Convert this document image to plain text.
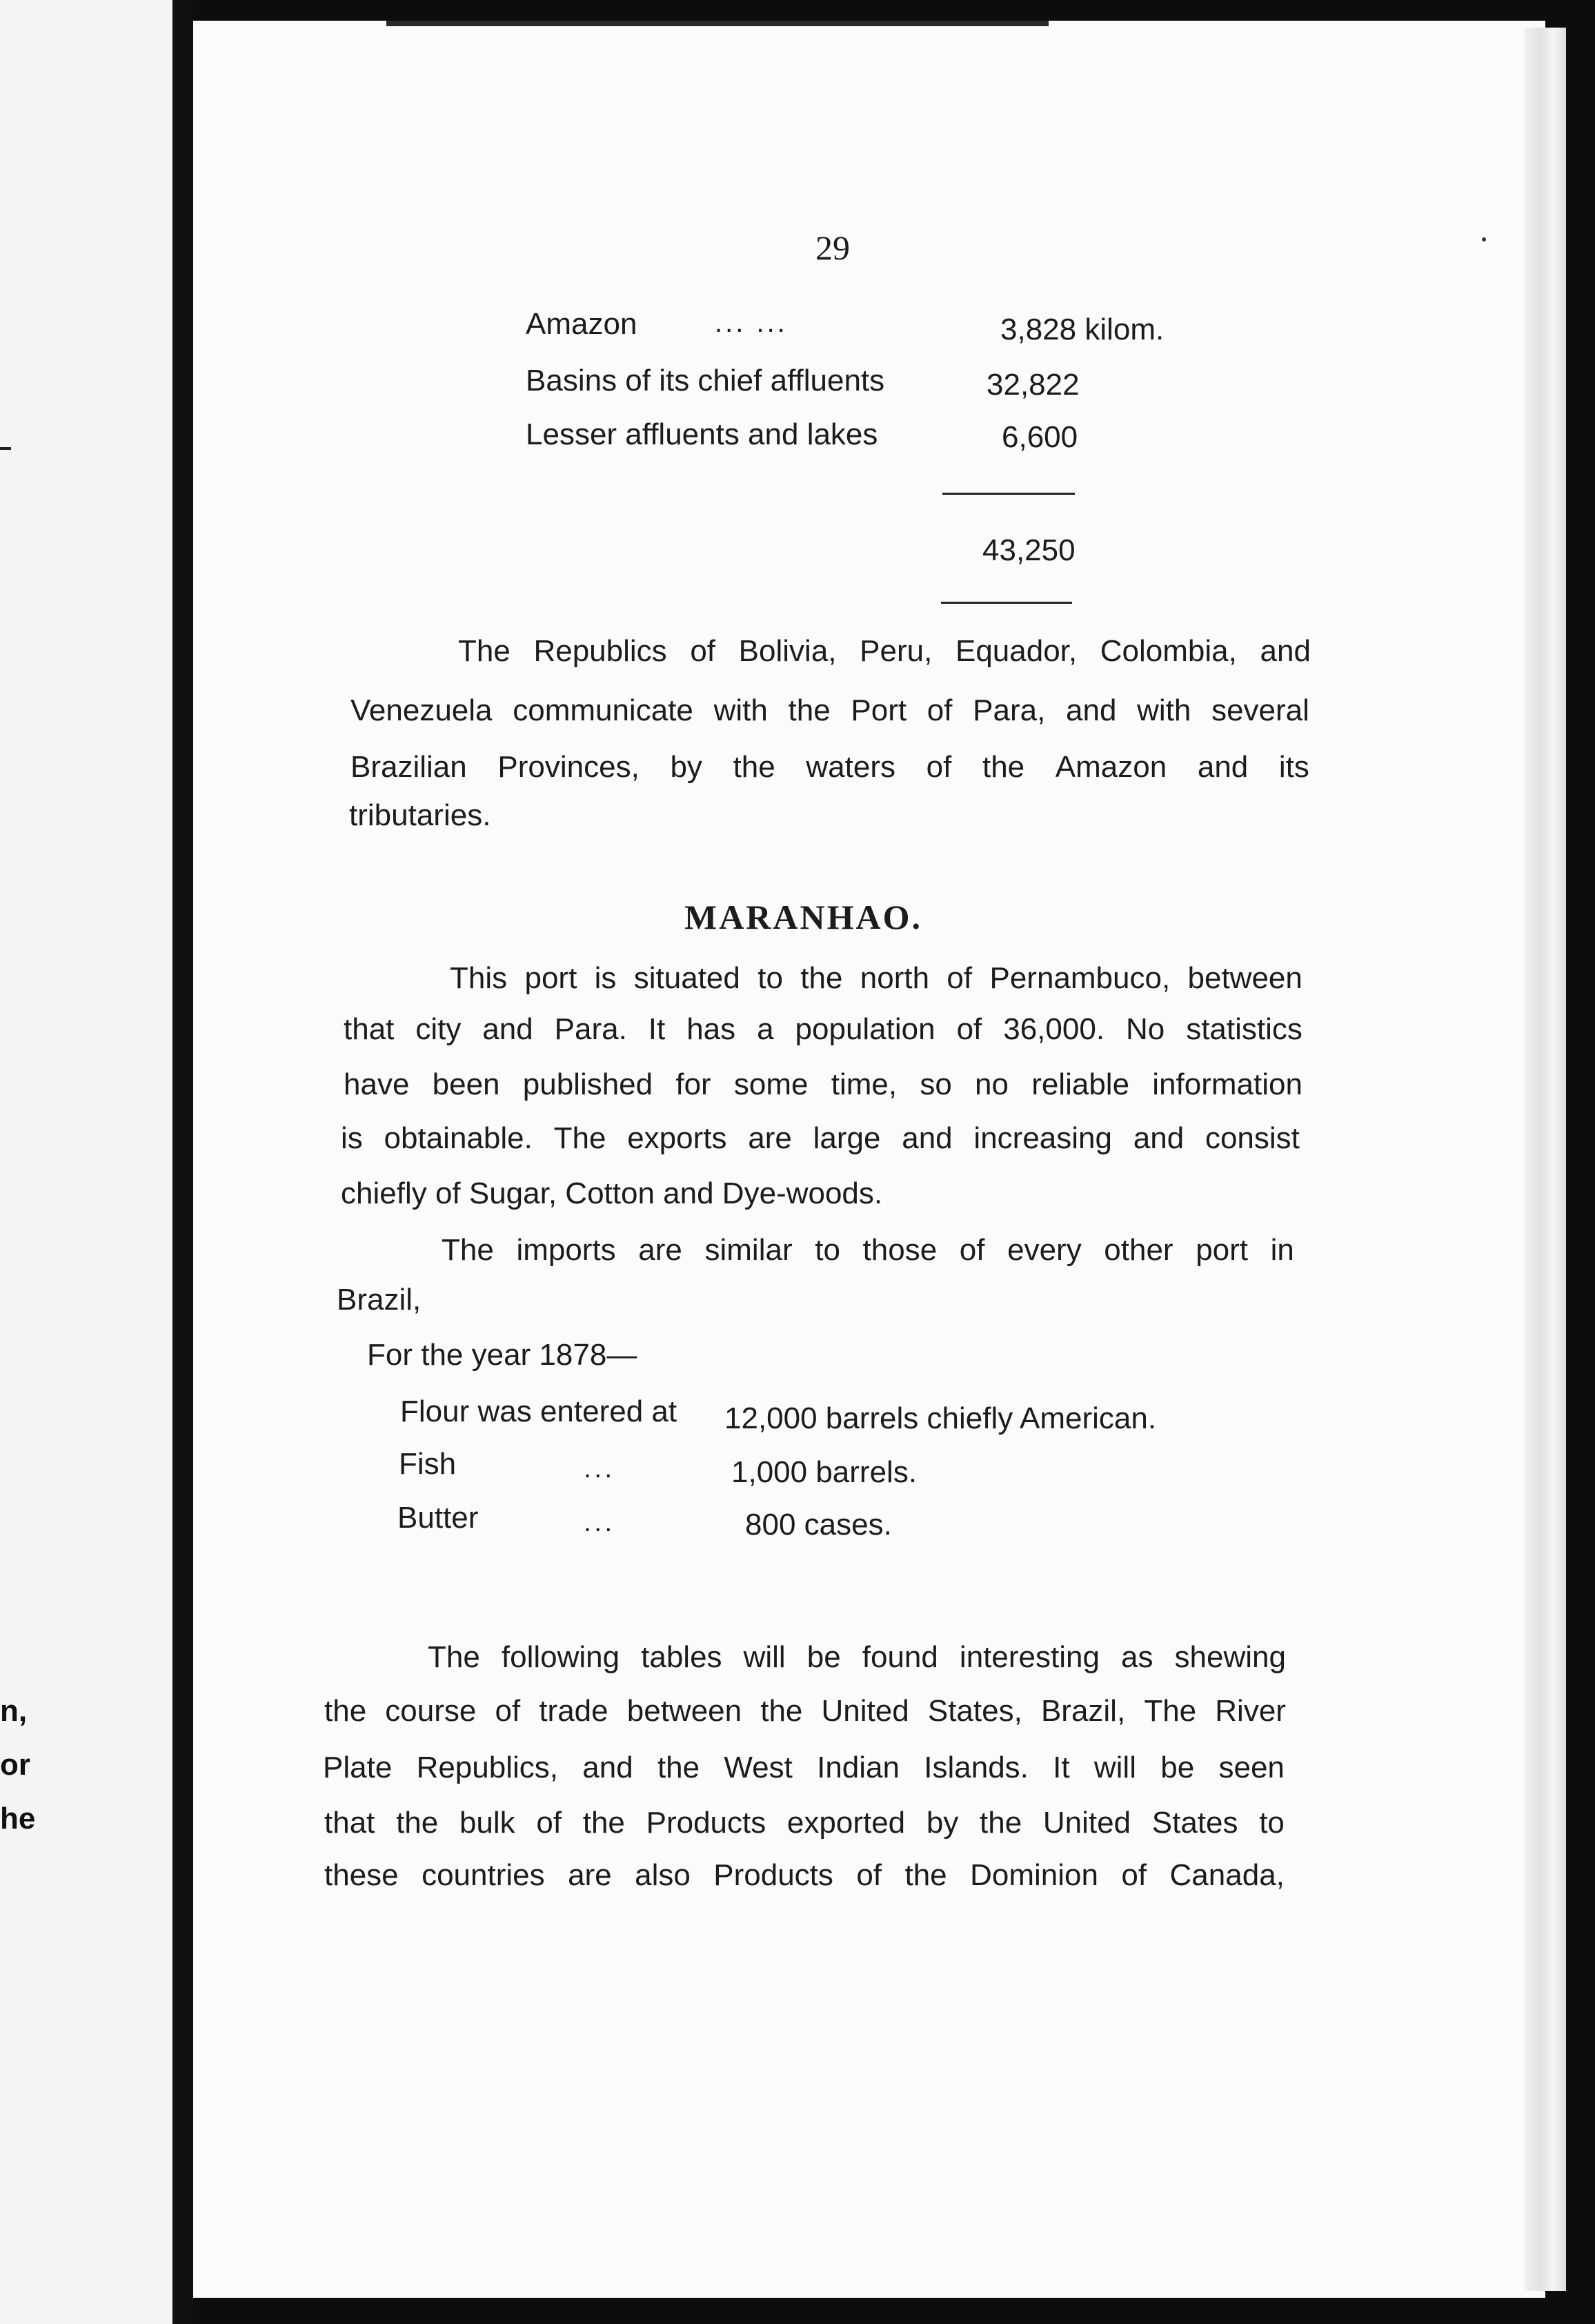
n,
or
he
29
Amazon	... ...	3,828 kilom.
Basins of its chief affluents	32,822
Lesser affluents and lakes	6,600
43,250
The Republics of Bolivia, Peru, Equador, Colombia, and
Venezuela communicate with the Port of Para, and with several
Brazilian Provinces, by the waters of the Amazon and its
tributaries.
MARANHAO.
This port is situated to the north of Pernambuco, between
that city and Para. It has a population of 36,000. No statistics
have been published for some time, so no reliable information
is obtainable. The exports are large and increasing and consist
chiefly of Sugar, Cotton and Dye-woods.
The imports are similar to those of every other port in
Brazil,
For the year 1878—
Flour was entered at 12,000 barrels chiefly American.
Fish	...	1,000 barrels.
Butter	...	800 cases.
The following tables will be found interesting as shewing
the course of trade between the United States, Brazil, The River
Plate Republics, and the West Indian Islands. It will be seen
that the bulk of the Products exported by the United States to
these countries are also Products of the Dominion of Canada,
